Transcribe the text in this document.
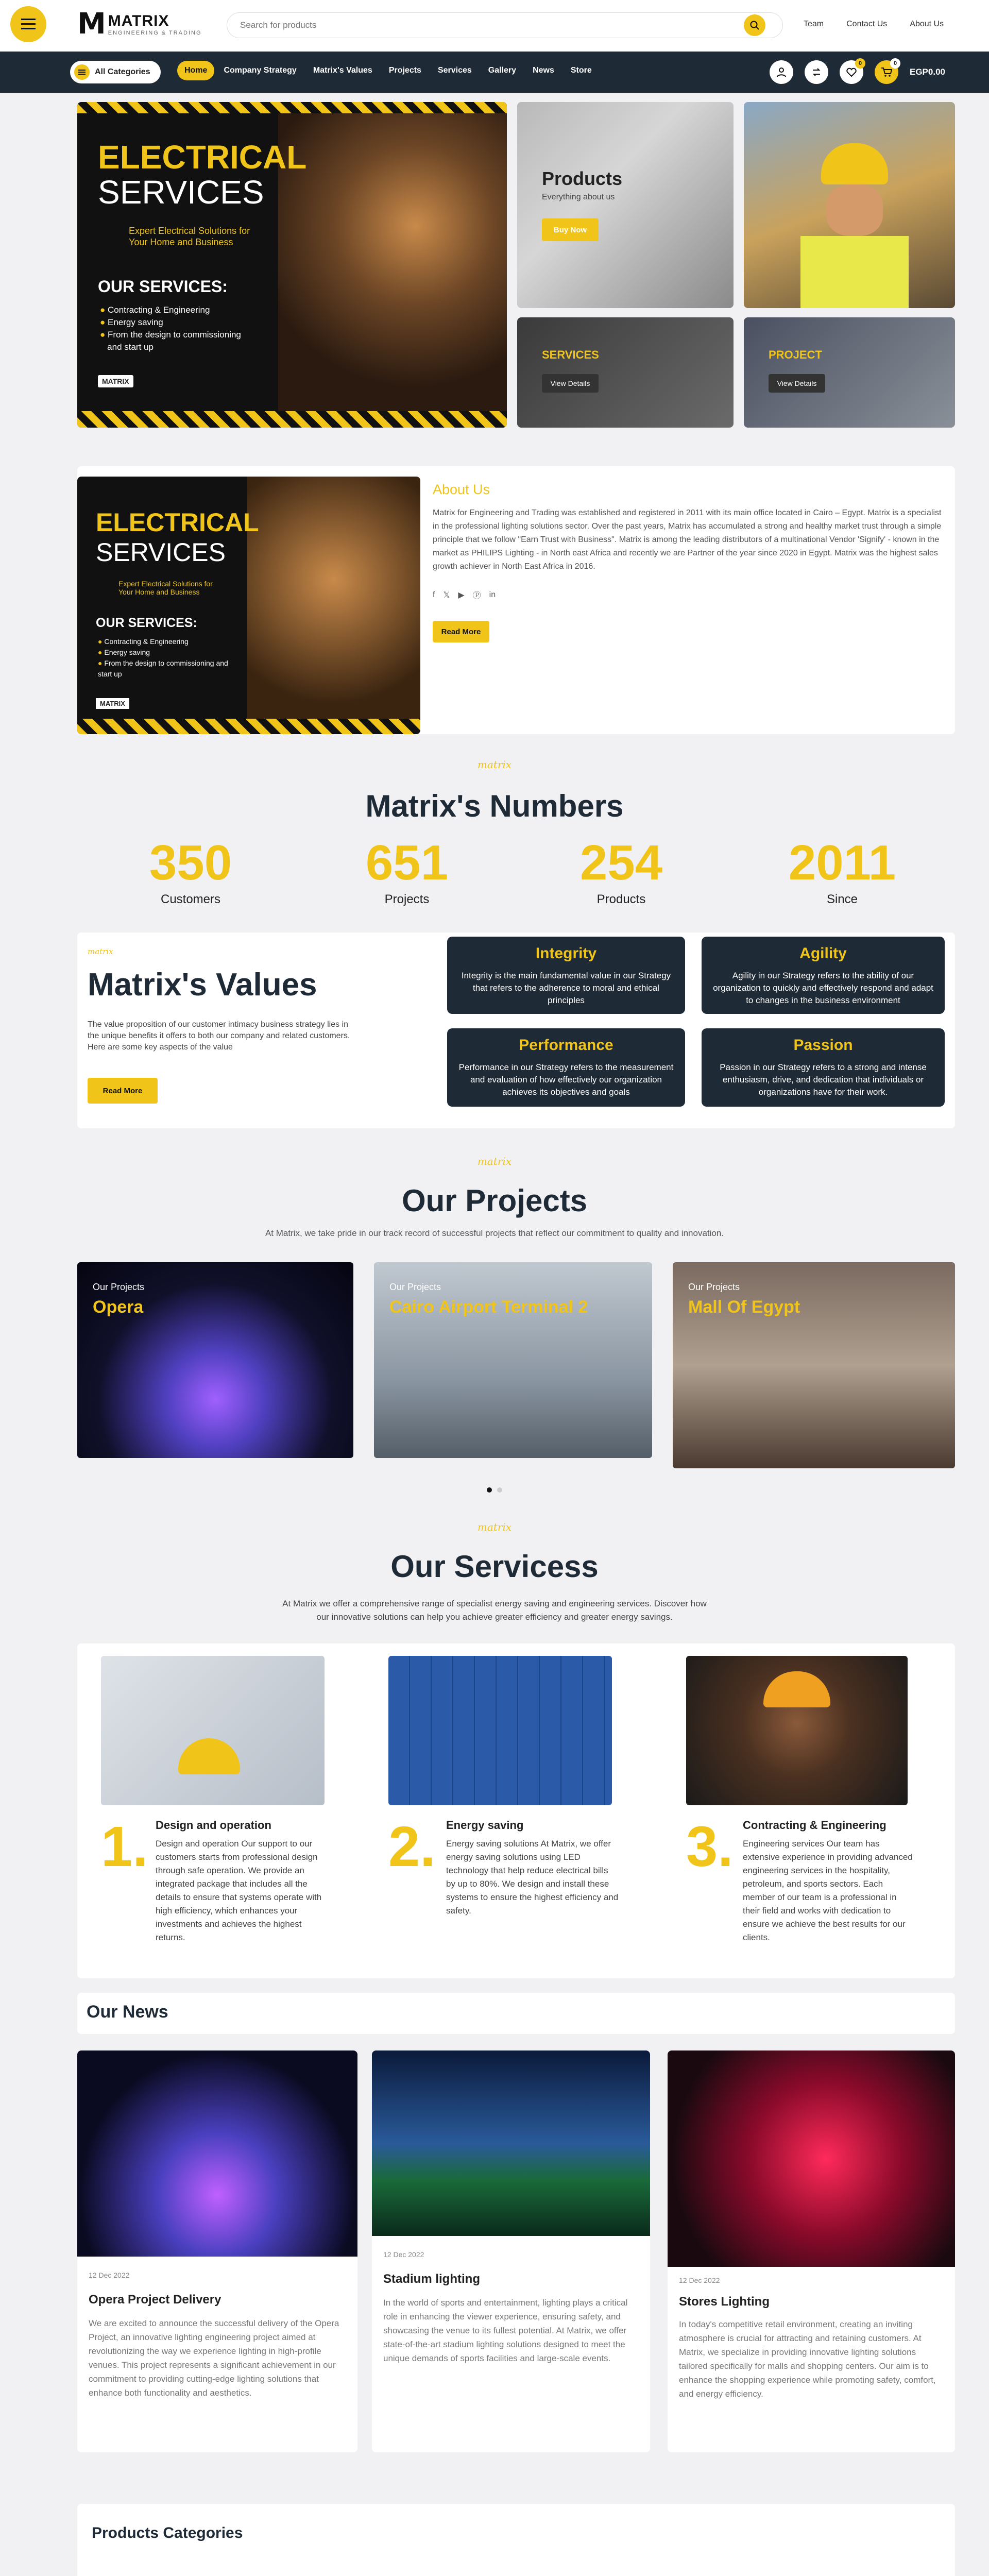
M MATRIX
ENGINEERING & TRADING
Search for products
Team	Contact Us	About Us
All Categories	Home	Company Strategy	Matrix's Values	Projects	Services	Gallery	News	Store
0	0
EGP0.00
ELECTRICAL
SERVICES
Expert Electrical Solutions for
Your Home and Business
OUR SERVICES:
● Contracting & Engineering
● Energy saving
● From the design to commissioning

and start up
MATRIX
Products
Everything about us
Buy Now
SERVICES
View Details
PROJECT
View Details
ELECTRICAL
SERVICES
Expert Electrical Solutions for Your Home and Business
OUR SERVICES:
● Contracting & Engineering
● Energy saving
● From the design to commissioning and start up
MATRIX
About Us
Matrix for Engineering and Trading was established and registered in 2011 with its main office located in Cairo – Egypt. Matrix is a specialist in the professional lighting solutions sector. Over the past years, Matrix has accumulated a strong and healthy market trust through a simple principle that we follow "Earn Trust with Business". Matrix is among the leading distributors of a multinational Vendor 'Signify' - known in the market as PHILIPS Lighting - in North east Africa and recently we are Partner of the year since 2020 in Egypt. Matrix was the highest sales growth achiever in North East Africa in 2016.
f 𝕏 ▶ Ⓟ in
Read More
matrix
Matrix's Numbers
350
Customers
651
Projects
254
Products
2011
Since
matrix
Matrix's Values
The value proposition of our customer intimacy business strategy lies in the unique benefits it offers to both our company and related customers. Here are some key aspects of the value
Read More
Integrity

Integrity is the main fundamental value in our Strategy that refers to the adherence to moral and ethical principles

Agility

Agility in our Strategy refers to the ability of our organization to quickly and effectively respond and adapt to changes in the business environment

Performance

Performance in our Strategy refers to the measurement and evaluation of how effectively our organization achieves its objectives and goals

Passion

Passion in our Strategy refers to a strong and intense enthusiasm, drive, and dedication that individuals or organizations have for their work.

matrix
Our Projects
At Matrix, we take pride in our track record of successful projects that reflect our commitment to quality and innovation.
Our Projects
Opera
Our Projects
Cairo Airport Terminal 2
Our Projects
Mall Of Egypt
matrix
Our Servicess
At Matrix we offer a comprehensive range of specialist energy saving and engineering services. Discover how
our innovative solutions can help you achieve greater efficiency and greater energy savings.
1. Design and operation
Design and operation Our support to our customers starts from professional design through safe operation. We provide an integrated package that includes all the details to ensure that systems operate with high efficiency, which enhances your investments and achieves the highest returns.
2. Energy saving
Energy saving solutions At Matrix, we offer energy saving solutions using LED technology that help reduce electrical bills by up to 80%. We design and install these systems to ensure the highest efficiency and safety.
3. Contracting & Engineering
Engineering services Our team has extensive experience in providing advanced engineering services in the hospitality, petroleum, and sports sectors. Each member of our team is a professional in their field and works with dedication to ensure we achieve the best results for our clients.
Our News
12 Dec 2022
Opera Project Delivery
We are excited to announce the successful delivery of the Opera Project, an innovative lighting engineering project aimed at revolutionizing the way we experience lighting in high-profile venues. This project represents a significant achievement in our commitment to providing cutting-edge lighting solutions that enhance both functionality and aesthetics.
12 Dec 2022
Stadium lighting
In the world of sports and entertainment, lighting plays a critical role in enhancing the viewer experience, ensuring safety, and showcasing the venue to its fullest potential. At Matrix, we offer state-of-the-art stadium lighting solutions designed to meet the unique demands of sports facilities and large-scale events.
12 Dec 2022
Stores Lighting
In today's competitive retail environment, creating an inviting atmosphere is crucial for attracting and retaining customers. At Matrix, we specialize in providing innovative lighting solutions tailored specifically for malls and shopping centers. Our aim is to enhance the shopping experience while promoting safety, comfort, and energy efficiency.
Products Categories
